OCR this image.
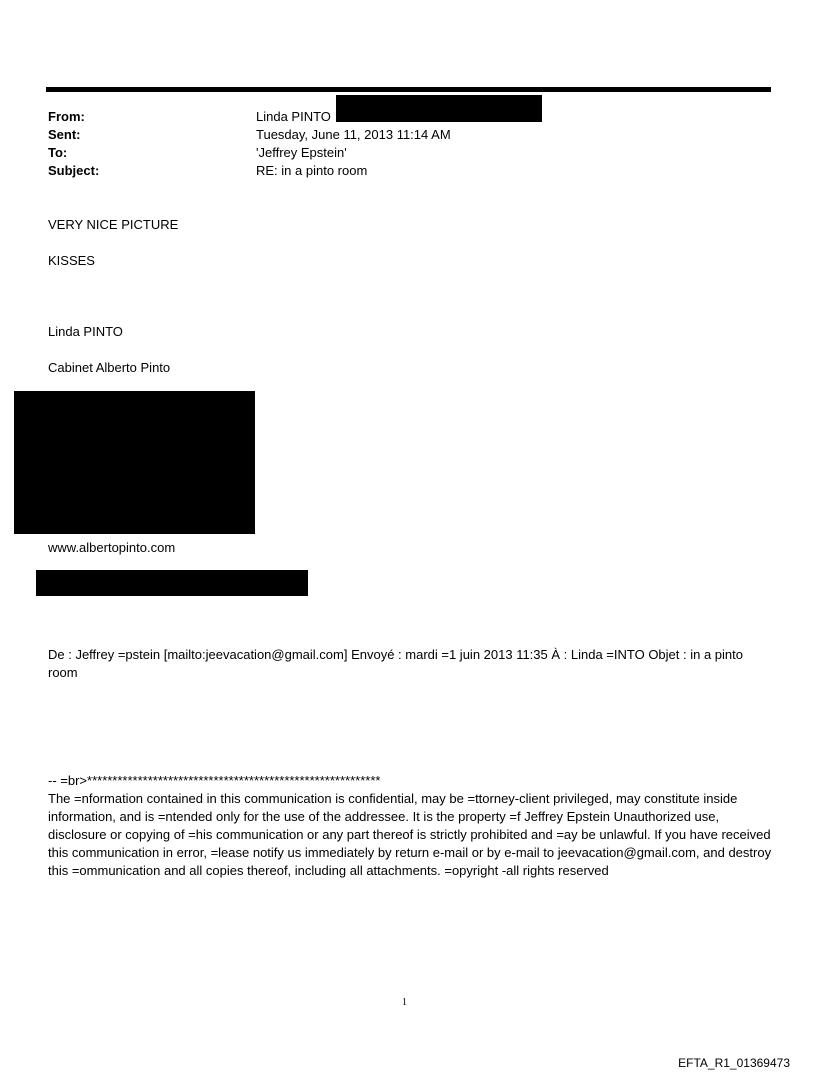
From:	Linda PINTO
Sent:	Tuesday, June 11, 2013 11:14 AM
To:	'Jeffrey Epstein'
Subject:	RE: in a pinto room
VERY NICE PICTURE
KISSES
Linda PINTO
Cabinet Alberto Pinto
www.albertopinto.com
De : Jeffrey =pstein [mailto:jeevacation@gmail.com] Envoyé : mardi =1 juin 2013 11:35 À : Linda =INTO Objet : in a pinto room
-- =br>**********************************************************
The =nformation contained in this communication is confidential, may be =ttorney-client privileged, may constitute inside information, and is =ntended only for the use of the addressee. It is the property =f Jeffrey Epstein Unauthorized use, disclosure or copying of =his communication or any part thereof is strictly prohibited and =ay be unlawful. If you have received this communication in error, =lease notify us immediately by return e-mail or by e-mail to jeevacation@gmail.com, and destroy this =ommunication and all copies thereof, including all attachments. =opyright -all rights reserved
1
EFTA_R1_01369473
